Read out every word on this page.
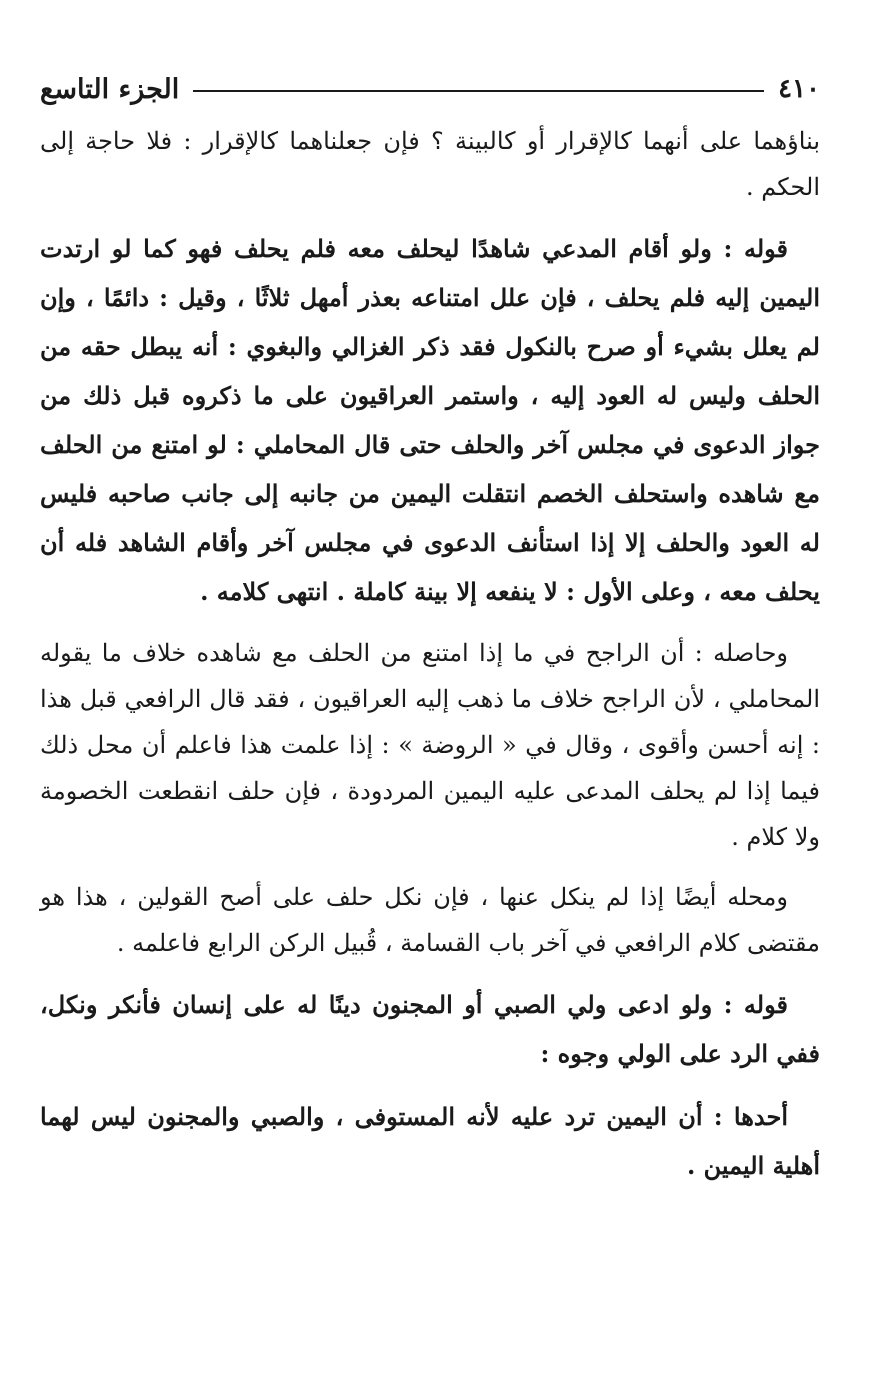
الجزء التاسع	٤١٠

بناؤهما على أنهما كالإقرار أو كالبينة ؟ فإن جعلناهما كالإقرار : فلا حاجة إلى الحكم .

قوله : ولو أقام المدعي شاهدًا ليحلف معه فلم يحلف فهو كما لو ارتدت اليمين إليه فلم يحلف ، فإن علل امتناعه بعذر أمهل ثلاثًا ، وقيل : دائمًا ، وإن لم يعلل بشيء أو صرح بالنكول فقد ذكر الغزالي والبغوي : أنه يبطل حقه من الحلف وليس له العود إليه ، واستمر العراقيون على ما ذكروه قبل ذلك من جواز الدعوى في مجلس آخر والحلف حتى قال المحاملي : لو امتنع من الحلف مع شاهده واستحلف الخصم انتقلت اليمين من جانبه إلى جانب صاحبه فليس له العود والحلف إلا إذا استأنف الدعوى في مجلس آخر وأقام الشاهد فله أن يحلف معه ، وعلى الأول : لا ينفعه إلا بينة كاملة . انتهى كلامه .

وحاصله : أن الراجح في ما إذا امتنع من الحلف مع شاهده خلاف ما يقوله المحاملي ، لأن الراجح خلاف ما ذهب إليه العراقيون ، فقد قال الرافعي قبل هذا : إنه أحسن وأقوى ، وقال في « الروضة » : إذا علمت هذا فاعلم أن محل ذلك فيما إذا لم يحلف المدعى عليه اليمين المردودة ، فإن حلف انقطعت الخصومة ولا كلام .

ومحله أيضًا إذا لم ينكل عنها ، فإن نكل حلف على أصح القولين ، هذا هو مقتضى كلام الرافعي في آخر باب القسامة ، قُبيل الركن الرابع فاعلمه .

قوله : ولو ادعى ولي الصبي أو المجنون دينًا له على إنسان فأنكر ونكل، ففي الرد على الولي وجوه :

أحدها : أن اليمين ترد عليه لأنه المستوفى ، والصبي والمجنون ليس لهما أهلية اليمين .
